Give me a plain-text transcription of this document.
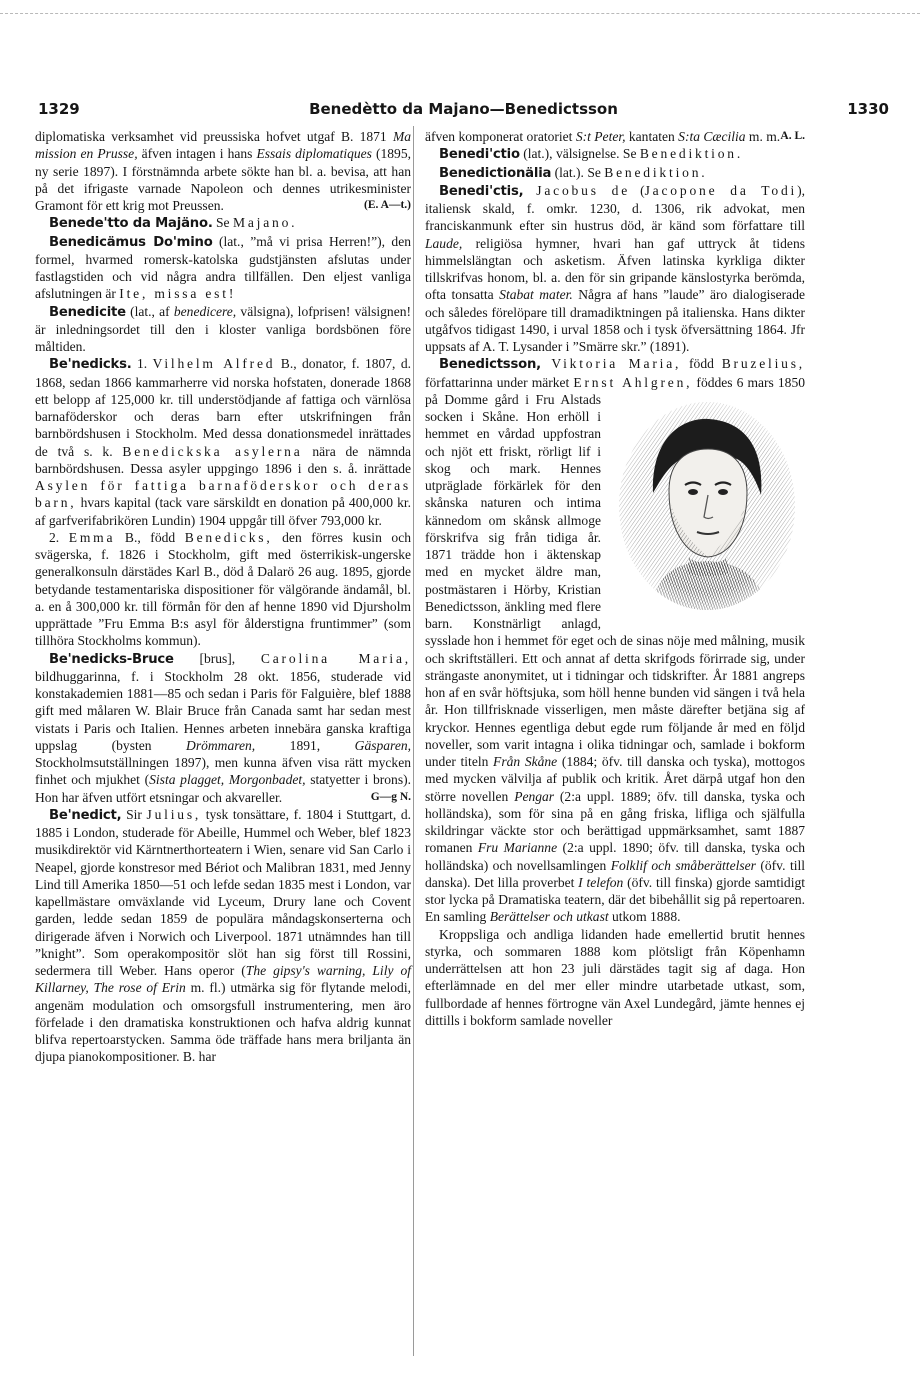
1329	Benedètto da Majano—Benedictsson	1330

diplomatiska verksamhet vid preussiska hofvet utgaf B. 1871 Ma mission en Prusse, äfven intagen i hans Essais diplomatiques (1895, ny serie 1897). I förstnämnda arbete sökte han bl. a. bevisa, att han på det ifrigaste varnade Napoleon och dennes utrikesminister Gramont för ett krig mot Preussen.	(E. A—t.)

Benede'tto da Majäno. Se Majano.

Benedicämus Do'mino (lat., ”må vi prisa Herren!”), den formel, hvarmed romersk-katolska gudstjänsten afslutas under fastlagstiden och vid några andra tillfällen. Den eljest vanliga afslutningen är Ite, missa est!

Benedicite (lat., af benedicere, välsigna), lofprisen! välsignen! är inledningsordet till den i kloster vanliga bordsbönen före måltiden.

Be'nedicks. 1. Vilhelm Alfred B., donator, f. 1807, d. 1868, sedan 1866 kammarherre vid norska hofstaten, donerade 1868 ett belopp af 125,000 kr. till understödjande af fattiga och värnlösa barnaföderskor och deras barn efter utskrifningen från barnbördshusen i Stockholm. Med dessa donationsmedel inrättades de två s. k. Benedickska asylerna nära de nämnda barnbördshusen. Dessa asyler uppgingo 1896 i den s. å. inrättade Asylen för fattiga barnaföderskor och deras barn, hvars kapital (tack vare särskildt en donation på 400,000 kr. af garfverifabrikören Lundin) 1904 uppgår till öfver 793,000 kr.

2. Emma B., född Benedicks, den förres kusin och svägerska, f. 1826 i Stockholm, gift med österrikisk-ungerske generalkonsuln därstädes Karl B., död å Dalarö 26 aug. 1895, gjorde betydande testamentariska dispositioner för välgörande ändamål, bl. a. en å 300,000 kr. till förmån för den af henne 1890 vid Djursholm upprättade ”Fru Emma B:s asyl för ålderstigna fruntimmer” (som tillhöra Stockholms kommun).

Be'nedicks-Bruce [brus], Carolina Maria, bildhuggarinna, f. i Stockholm 28 okt. 1856, studerade vid konstakademien 1881—85 och sedan i Paris för Falguière, blef 1888 gift med målaren W. Blair Bruce från Canada samt har sedan mest vistats i Paris och Italien. Hennes arbeten innebära ganska kraftiga uppslag (bysten Drömmaren, 1891, Gäsparen, Stockholmsutställningen 1897), men kunna äfven visa rätt mycken finhet och mjukhet (Sista plagget, Morgonbadet, statyetter i brons). Hon har äfven utfört etsningar och akvareller.	G—g N.

Be'nedict, Sir Julius, tysk tonsättare, f. 1804 i Stuttgart, d. 1885 i London, studerade för Abeille, Hummel och Weber, blef 1823 musikdirektör vid Kärntnerthorteatern i Wien, senare vid San Carlo i Neapel, gjorde konstresor med Bériot och Malibran 1831, med Jenny Lind till Amerika 1850—51 och lefde sedan 1835 mest i London, var kapellmästare omväxlande vid Lyceum, Drury lane och Covent garden, ledde sedan 1859 de populära måndagskonserterna och dirigerade äfven i Norwich och Liverpool. 1871 utnämndes han till ”knight”. Som operakompositör slöt han sig först till Rossini, sedermera till Weber. Hans operor (The gipsy's warning, Lily of Killarney, The rose of Erin m. fl.) utmärka sig för flytande melodi, angenäm modulation och omsorgsfull instrumentering, men äro förfelade i den dramatiska konstruktionen och hafva aldrig kunnat blifva repertoarstycken. Samma öde träffade hans mera briljanta än djupa pianokompositioner. B. har

äfven komponerat oratoriet S:t Peter, kantaten S:ta Cæcilia m. m. A. L.

Benedi'ctio (lat.), välsignelse. Se Benediktion.

Benedictionälia (lat.). Se Benediktion.

Benedi'ctis, Jacobus de (Jacopone da Todi), italiensk skald, f. omkr. 1230, d. 1306, rik advokat, men franciskanmunk efter sin hustrus död, är känd som författare till Laude, religiösa hymner, hvari han gaf uttryck åt tidens himmelslängtan och asketism. Äfven latinska kyrkliga dikter tillskrifvas honom, bl. a. den för sin gripande känslostyrka berömda, ofta tonsatta Stabat mater. Några af hans ”laude” äro dialogiserade och således förelöpare till dramadiktningen på italienska. Hans dikter utgåfvos tidigast 1490, i urval 1858 och i tysk öfversättning 1864. Jfr uppsats af A. T. Lysander i ”Smärre skr.” (1891).

Benedictsson, Viktoria Maria, född Bruzelius, författarinna under märket Ernst Ahlgren,
föddes 6 mars 1850 på Domme gård i Fru Alstads socken i Skåne. Hon erhöll i hemmet en vårdad uppfostran och njöt ett friskt, rörligt lif i skog och mark. Hennes utpräglade förkärlek för den skånska naturen och intima kännedom om skånsk allmoge förskrifva sig från tidiga år. 1871 trädde hon i äktenskap med en mycket äldre man, postmästaren i Hörby, Kristian Benedictsson, änkling med flere barn. Konstnärligt anlagd, sysslade hon i hemmet för eget och de sinas nöje med målning, musik och skriftställeri. Ett och annat af detta skrifgods förirrade sig, under strängaste anonymitet, ut i tidningar och tidskrifter. År 1881 angreps hon af en svår höftsjuka, som höll henne bunden vid sängen i två hela år. Hon tillfrisknade visserligen, men måste därefter betjäna sig af kryckor. Hennes egentliga debut egde rum följande år med en följd noveller, som varit intagna i olika tidningar och, samlade i bokform under titeln Från Skåne (1884; öfv. till danska och tyska), mottogos med mycken välvilja af publik och kritik. Året därpå utgaf hon den större novellen Pengar (2:a uppl. 1889; öfv. till danska, tyska och holländska), som för sina på en gång friska, lifliga och själfulla skildringar väckte stor och berättigad uppmärksamhet, samt 1887 romanen Fru Marianne (2:a uppl. 1890; öfv. till danska, tyska och holländska) och novellsamlingen Folklif och småberättelser (öfv. till danska). Det lilla proverbet I telefon (öfv. till finska) gjorde samtidigt stor lycka på Dramatiska teatern, där det bibehållit sig på repertoaren. En samling Berättelser och utkast utkom 1888.

Kroppsliga och andliga lidanden hade emellertid brutit hennes styrka, och sommaren 1888 kom plötsligt från Köpenhamn underrättelsen att hon 23 juli därstädes tagit sig af daga. Hon efterlämnade en del mer eller mindre utarbetade utkast, som, fullbordade af hennes förtrogne vän Axel Lundegård, jämte hennes ej dittills i bokform samlade noveller
